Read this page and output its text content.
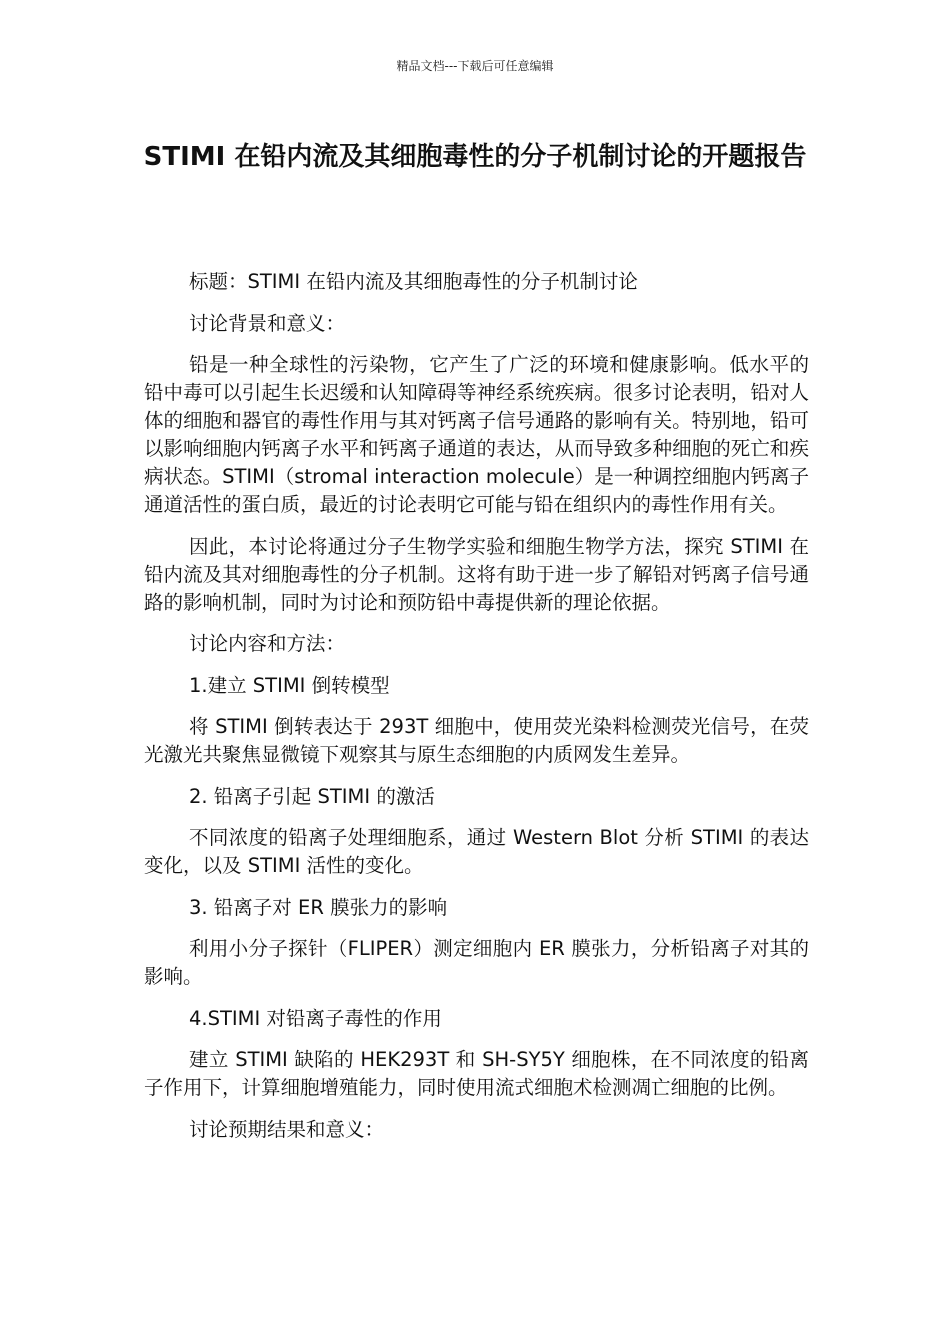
精品文档---下载后可任意编辑
STIMI 在铅内流及其细胞毒性的分子机制讨论的开题报告

标题：STIMI 在铅内流及其细胞毒性的分子机制讨论

讨论背景和意义：

铅是一种全球性的污染物，它产生了广泛的环境和健康影响。低水平的铅中毒可以引起生长迟缓和认知障碍等神经系统疾病。很多讨论表明，铅对人体的细胞和器官的毒性作用与其对钙离子信号通路的影响有关。特别地，铅可以影响细胞内钙离子水平和钙离子通道的表达，从而导致多种细胞的死亡和疾病状态。STIMI（stromal interaction molecule）是一种调控细胞内钙离子通道活性的蛋白质，最近的讨论表明它可能与铅在组织内的毒性作用有关。

因此，本讨论将通过分子生物学实验和细胞生物学方法，探究 STIMI 在铅内流及其对细胞毒性的分子机制。这将有助于进一步了解铅对钙离子信号通路的影响机制，同时为讨论和预防铅中毒提供新的理论依据。

讨论内容和方法：

1.建立 STIMI 倒转模型

将 STIMI 倒转表达于 293T 细胞中，使用荧光染料检测荧光信号，在荧光激光共聚焦显微镜下观察其与原生态细胞的内质网发生差异。

2. 铅离子引起 STIMI 的激活

不同浓度的铅离子处理细胞系，通过 Western Blot 分析 STIMI 的表达变化，以及 STIMI 活性的变化。

3. 铅离子对 ER 膜张力的影响

利用小分子探针（FLIPER）测定细胞内 ER 膜张力，分析铅离子对其的影响。

4.STIMI 对铅离子毒性的作用

建立 STIMI 缺陷的 HEK293T 和 SH-SY5Y 细胞株，在不同浓度的铅离子作用下，计算细胞增殖能力，同时使用流式细胞术检测凋亡细胞的比例。

讨论预期结果和意义：
